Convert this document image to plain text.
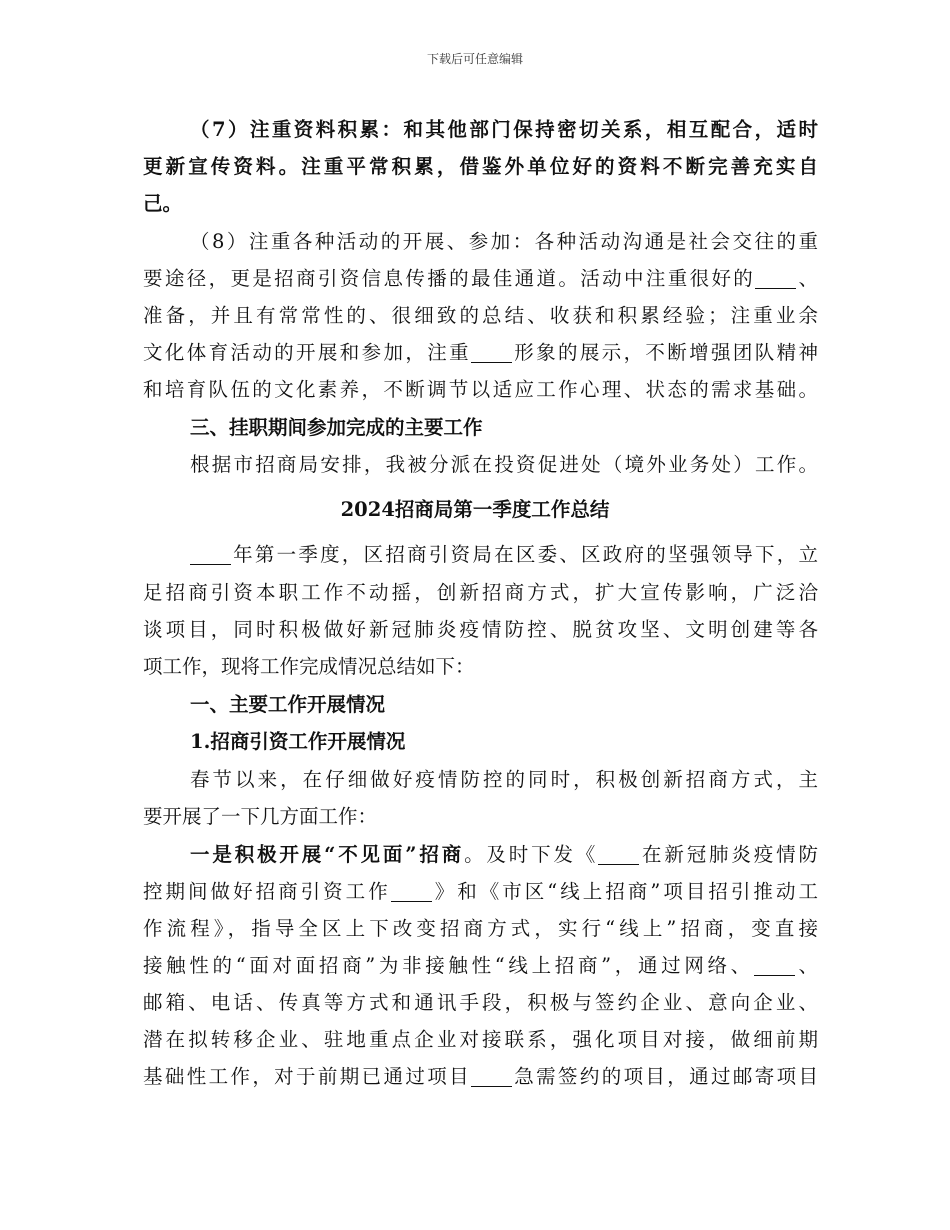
下载后可任意编辑
（7）注重资料积累：和其他部门保持密切关系，相互配合，适时
更新宣传资料。注重平常积累，借鉴外单位好的资料不断完善充实自
己。
（8）注重各种活动的开展、参加：各种活动沟通是社会交往的重
要途径，更是招商引资信息传播的最佳通道。活动中注重很好的 、
准备，并且有常常性的、很细致的总结、收获和积累经验；注重业余
文化体育活动的开展和参加，注重 形象的展示，不断增强团队精神
和培育队伍的文化素养，不断调节以适应工作心理、状态的需求基础。
三、挂职期间参加完成的主要工作
根据市招商局安排，我被分派在投资促进处（境外业务处）工作。
2024招商局第一季度工作总结
年第一季度，区招商引资局在区委、区政府的坚强领导下，立
足招商引资本职工作不动摇，创新招商方式，扩大宣传影响，广泛洽
谈项目，同时积极做好新冠肺炎疫情防控、脱贫攻坚、文明创建等各
项工作，现将工作完成情况总结如下：
一、主要工作开展情况
1.招商引资工作开展情况
春节以来，在仔细做好疫情防控的同时，积极创新招商方式，主
要开展了一下几方面工作：
一是积极开展“不见面”招商。及时下发《 在新冠肺炎疫情防
控期间做好招商引资工作 》和《市区“线上招商”项目招引推动工
作流程》，指导全区上下改变招商方式，实行“线上”招商，变直接
接触性的“面对面招商”为非接触性“线上招商”，通过网络、 、
邮箱、电话、传真等方式和通讯手段，积极与签约企业、意向企业、
潜在拟转移企业、驻地重点企业对接联系，强化项目对接，做细前期
基础性工作，对于前期已通过项目 急需签约的项目，通过邮寄项目
